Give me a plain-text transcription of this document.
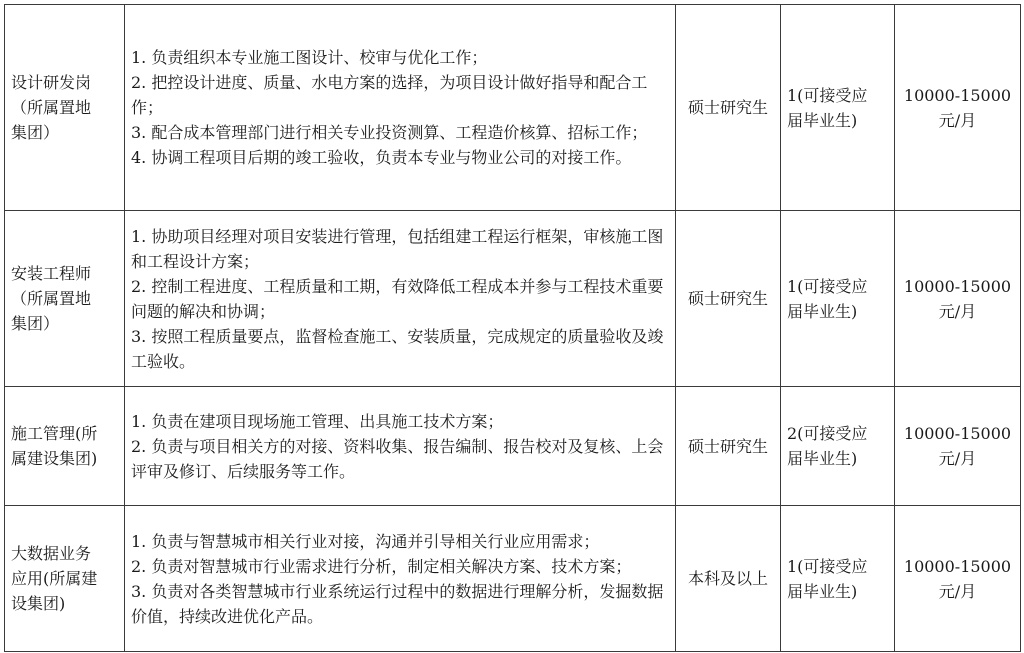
设计研发岗
（所属置地
集团）	1. 负责组织本专业施工图设计、校审与优化工作；
2. 把控设计进度、质量、水电方案的选择，为项目设计做好指导和配合工作；
3. 配合成本管理部门进行相关专业投资测算、工程造价核算、招标工作；
4. 协调工程项目后期的竣工验收，负责本专业与物业公司的对接工作。	硕士研究生	1(可接受应
届毕业生)	10000-15000
元/月

安装工程师
（所属置地
集团）	1. 协助项目经理对项目安装进行管理，包括组建工程运行框架，审核施工图和工程设计方案；
2. 控制工程进度、工程质量和工期，有效降低工程成本并参与工程技术重要问题的解决和协调；
3. 按照工程质量要点，监督检查施工、安装质量，完成规定的质量验收及竣工验收。	硕士研究生	1(可接受应
届毕业生)	10000-15000
元/月

施工管理(所
属建设集团)	1. 负责在建项目现场施工管理、出具施工技术方案；
2. 负责与项目相关方的对接、资料收集、报告编制、报告校对及复核、上会评审及修订、后续服务等工作。	硕士研究生	2(可接受应
届毕业生)	10000-15000
元/月

大数据业务
应用(所属建
设集团)	1. 负责与智慧城市相关行业对接，沟通并引导相关行业应用需求；
2. 负责对智慧城市行业需求进行分析，制定相关解决方案、技术方案；
3. 负责对各类智慧城市行业系统运行过程中的数据进行理解分析，发掘数据价值，持续改进优化产品。	本科及以上	1(可接受应
届毕业生)	10000-15000
元/月
